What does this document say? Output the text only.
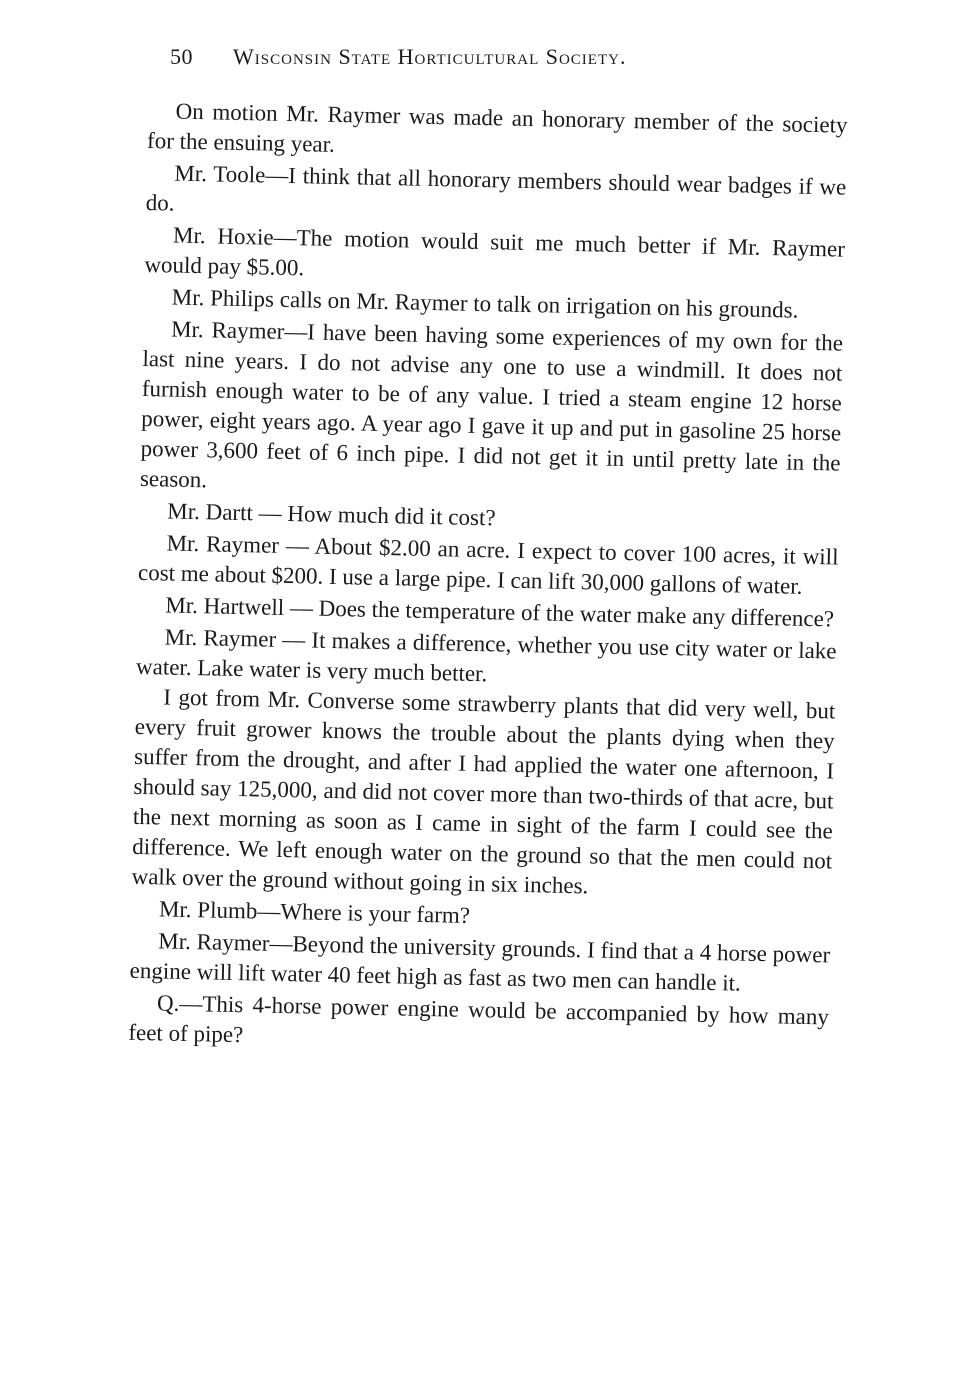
50 Wisconsin State Horticultural Society.

On motion Mr. Raymer was made an honorary member of the society for the ensuing year.

Mr. Toole—I think that all honorary members should wear badges if we do.

Mr. Hoxie—The motion would suit me much better if Mr. Raymer would pay $5.00.

Mr. Philips calls on Mr. Raymer to talk on irrigation on his grounds.

Mr. Raymer—I have been having some experiences of my own for the last nine years. I do not advise any one to use a windmill. It does not furnish enough water to be of any value. I tried a steam engine 12 horse power, eight years ago. A year ago I gave it up and put in gasoline 25 horse power 3,600 feet of 6 inch pipe. I did not get it in until pretty late in the season.

Mr. Dartt — How much did it cost?

Mr. Raymer — About $2.00 an acre. I expect to cover 100 acres, it will cost me about $200. I use a large pipe. I can lift 30,000 gallons of water.

Mr. Hartwell — Does the temperature of the water make any difference?

Mr. Raymer — It makes a difference, whether you use city water or lake water. Lake water is very much better.

I got from Mr. Converse some strawberry plants that did very well, but every fruit grower knows the trouble about the plants dying when they suffer from the drought, and after I had applied the water one afternoon, I should say 125,000, and did not cover more than two-thirds of that acre, but the next morning as soon as I came in sight of the farm I could see the difference. We left enough water on the ground so that the men could not walk over the ground without going in six inches.

Mr. Plumb—Where is your farm?

Mr. Raymer—Beyond the university grounds. I find that a 4 horse power engine will lift water 40 feet high as fast as two men can handle it.

Q.—This 4-horse power engine would be accompanied by how many feet of pipe?
